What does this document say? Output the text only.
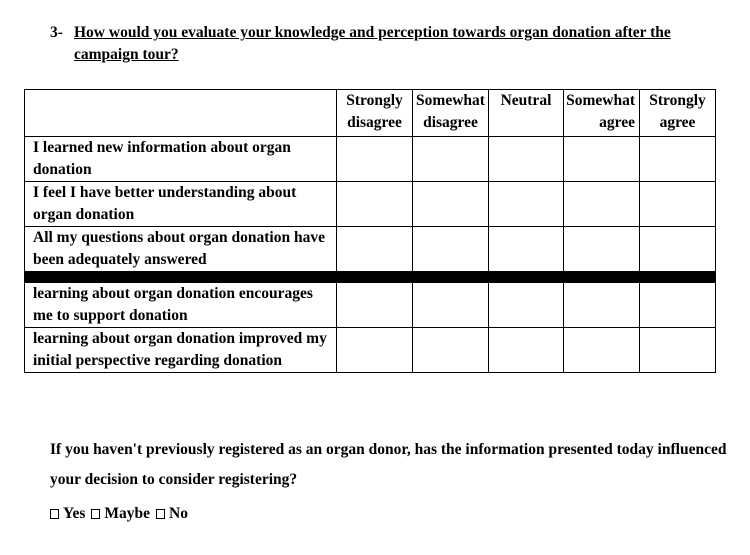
3- How would you evaluate your knowledge and perception towards organ donation after the campaign tour?
	Strongly disagree	Somewhat disagree	Neutral	Somewhat agree	Strongly agree
I learned new information about organ donation					
I feel I have better understanding about organ donation					
All my questions about organ donation have been adequately answered					

learning about organ donation encourages me to support donation					
learning about organ donation improved my initial perspective regarding donation					
If you haven't previously registered as an organ donor, has the information presented today influenced your decision to consider registering?
Yes Maybe No
